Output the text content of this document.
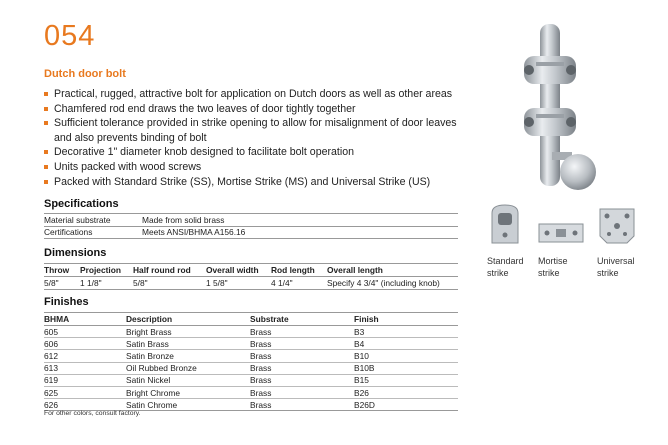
054
Dutch door bolt
Practical, rugged, attractive bolt for application on Dutch doors as well as other areas
Chamfered rod end draws the two leaves of door tightly together
Sufficient tolerance provided in strike opening to allow for misalignment of door leaves and also prevents binding of bolt
Decorative 1" diameter knob designed to facilitate bolt operation
Units packed with wood screws
Packed with Standard Strike (SS), Mortise Strike (MS) and Universal Strike (US)
Specifications
Material substrate	Made from solid brass
Certifications	Meets ANSI/BHMA A156.16
Dimensions
Throw	Projection	Half round rod	Overall width	Rod length	Overall length
5/8"	1 1/8"	5/8"	1 5/8"	4 1/4"	Specify 4 3/4" (including knob)
Finishes
BHMA	Description	Substrate	Finish
605	Bright Brass	Brass	B3
606	Satin Brass	Brass	B4
612	Satin Bronze	Brass	B10
613	Oil Rubbed Bronze	Brass	B10B
619	Satin Nickel	Brass	B15
625	Bright Chrome	Brass	B26
626	Satin Chrome	Brass	B26D
For other colors, consult factory.
Standard
strike
Mortise
strike
Universal
strike
